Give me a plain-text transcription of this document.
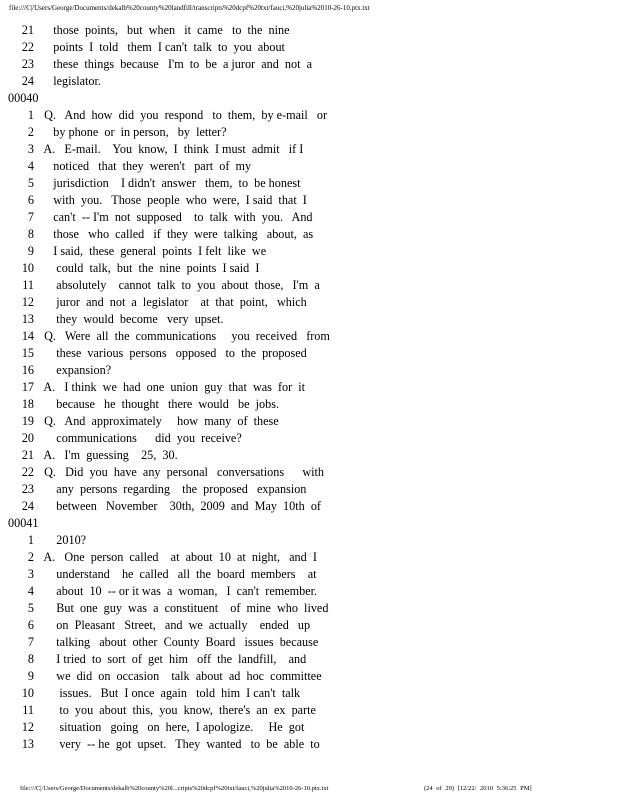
file:///C|/Users/George/Documents/dekalb%20county%20landfill/transcripts%20dcpf%20txt/fauci,%20julia%2010-26-10.ptx.txt
21     those  points,   but  when   it  came   to  the  nine
22     points  I  told   them  I can't  talk  to  you  about
23     these  things  because   I'm  to  be  a juror  and  not  a
24     legislator.
00040
1  Q.   And  how  did  you  respond   to  them,  by e-mail   or
2     by phone  or  in person,   by  letter?
3  A.   E-mail.    You  know,  I  think  I must  admit   if I
4     noticed   that  they  weren't   part  of  my
5     jurisdiction    I didn't  answer   them,  to  be honest
6     with  you.   Those  people  who  were,  I said  that  I
7     can't  -- I'm  not  supposed    to  talk  with  you.   And
8     those   who  called   if  they  were  talking   about,  as
9     I said,  these  general  points  I felt  like  we
10      could  talk,  but  the  nine  points  I said  I
11      absolutely    cannot  talk  to  you  about  those,   I'm  a
12      juror  and  not  a  legislator    at  that  point,   which
13      they  would  become   very  upset.
14  Q.   Were  all  the  communications     you  received   from
15      these  various  persons   opposed   to  the  proposed
16      expansion?
17  A.   I think  we  had  one  union  guy  that  was  for  it
18      because   he  thought   there  would   be  jobs.
19  Q.   And  approximately     how  many  of  these
20      communications      did  you  receive?
21  A.   I'm  guessing    25,  30.
22  Q.   Did  you  have  any  personal   conversations      with
23      any  persons  regarding    the  proposed   expansion
24      between   November    30th,  2009  and  May  10th  of
00041
1      2010?
2  A.   One  person  called    at  about  10  at  night,   and  I
3      understand    he  called   all  the  board  members    at
4      about  10  -- or it was  a  woman,   I  can't  remember.
5      But  one  guy  was  a  constituent    of  mine  who  lived
6      on  Pleasant   Street,   and  we  actually    ended   up
7      talking   about  other  County  Board   issues  because
8      I tried  to  sort  of  get  him   off  the  landfill,    and
9      we  did  on  occasion    talk  about  ad  hoc  committee
10       issues.   But  I once  again   told  him  I can't  talk
11       to  you  about  this,  you  know,  there's  an  ex  parte
12       situation   going   on  here,  I apologize.     He  got
13       very  -- he  got  upset.   They  wanted   to  be  able  to
file:///C|/Users/George/Documents/dekalb%20county%20l...cripts%20dcpf%20txt/fauci,%20julia%2010-26-10.ptx.txt	(24 of 29) [12/22/ 2010 5:36:25 PM]
